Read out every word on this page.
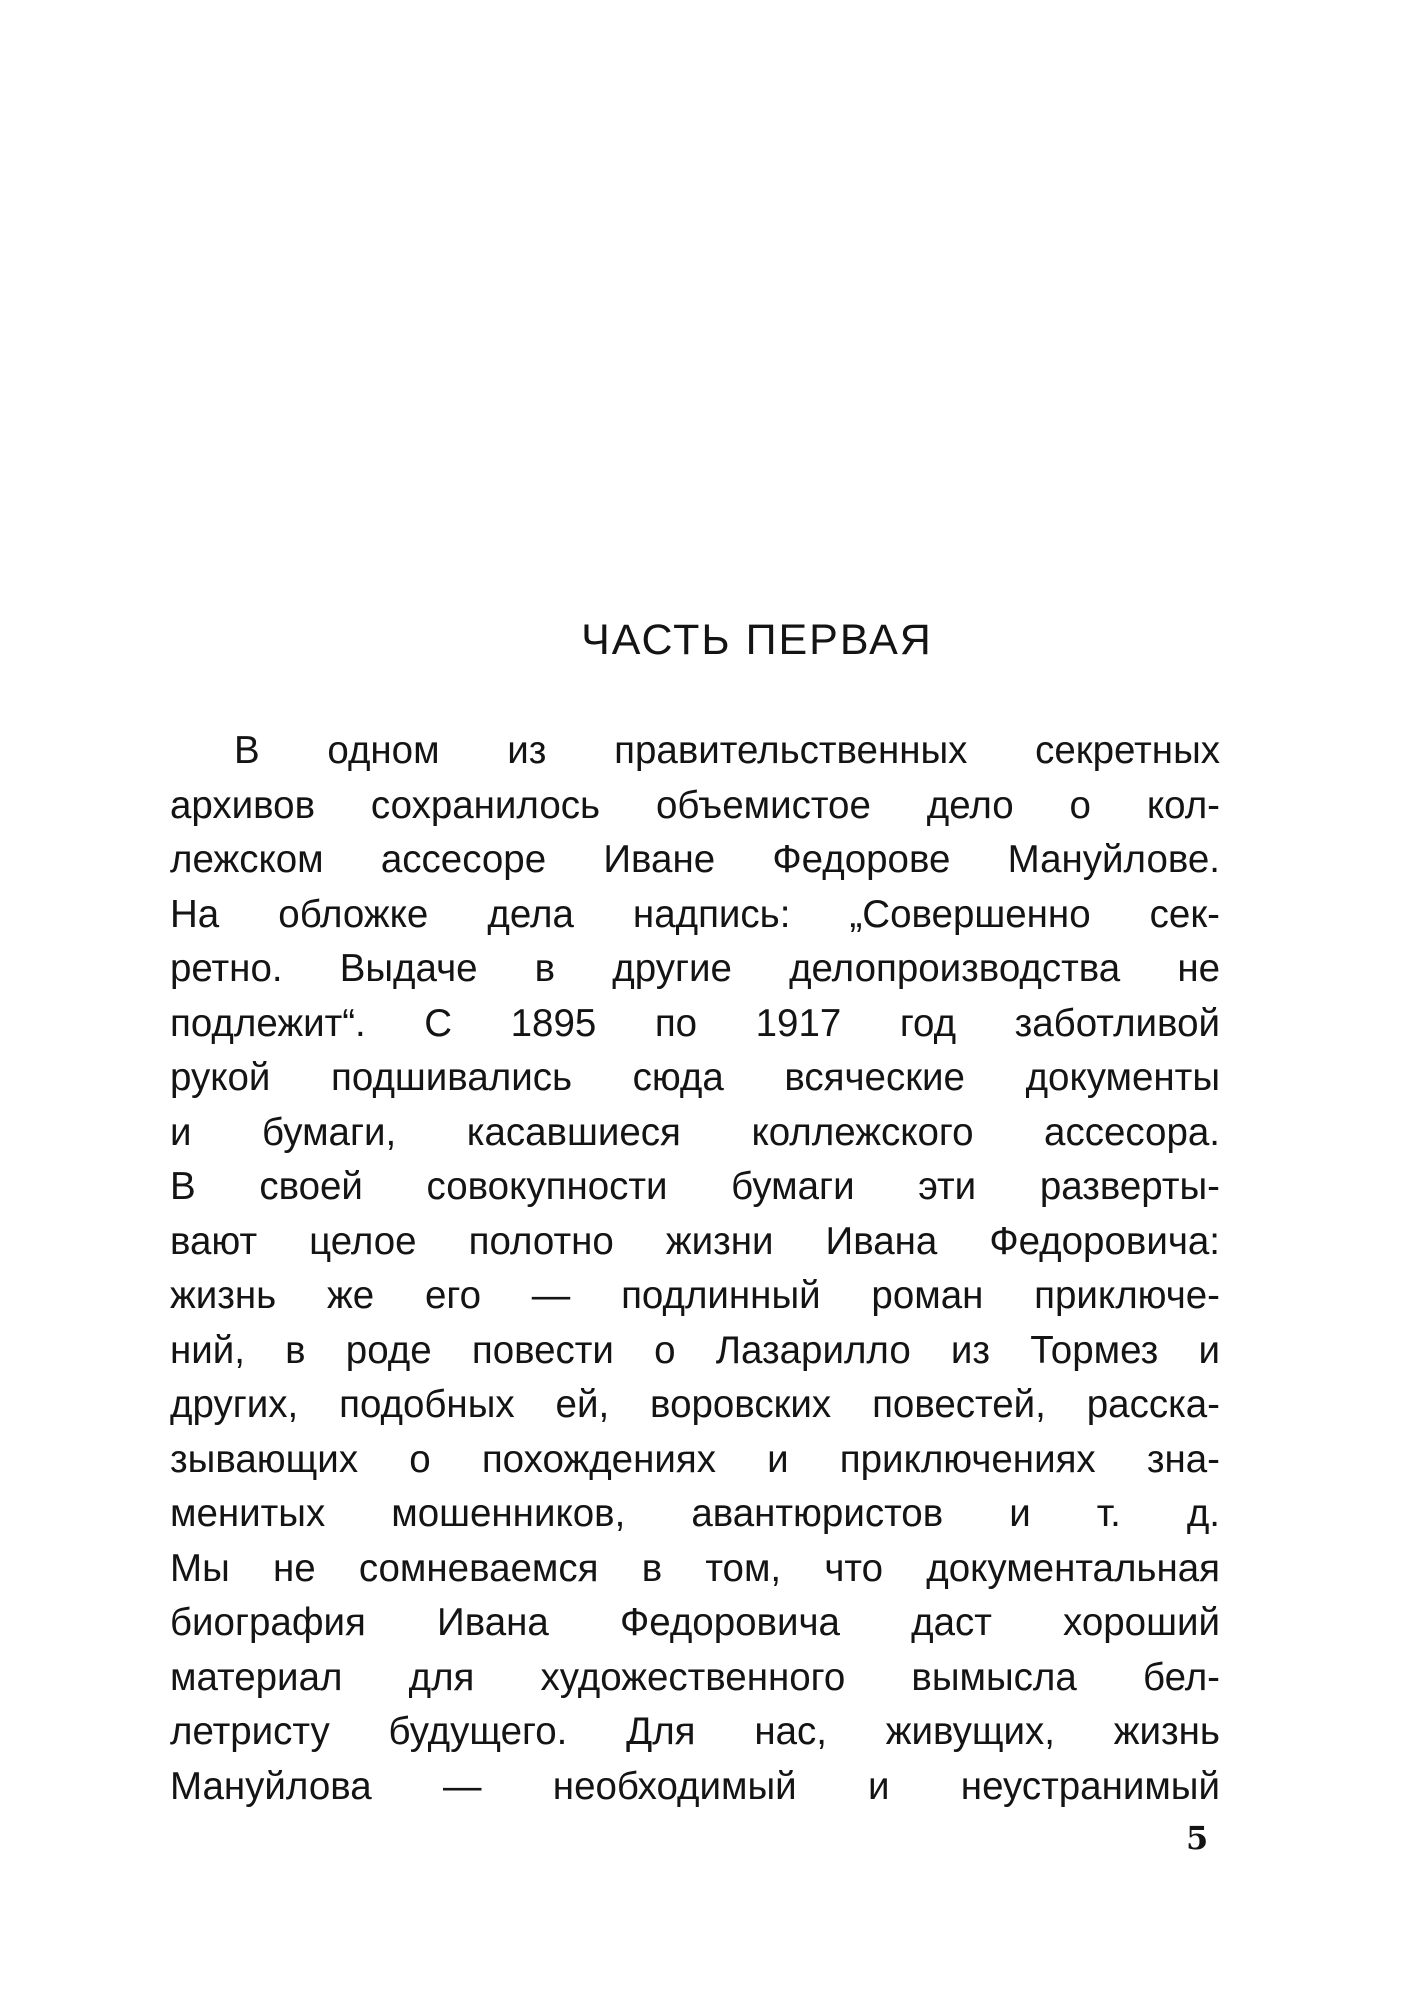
ЧАСТЬ ПЕРВАЯ
В одном из правительственных секретных
архивов сохранилось объемистое дело о кол-
лежском ассесоре Иване Федорове Мануйлове.
На обложке дела надпись: „Совершенно сек-
ретно. Выдаче в другие делопроизводства не
подлежит“. С 1895 по 1917 год заботливой
рукой подшивались сюда всяческие документы
и бумаги, касавшиеся коллежского ассесора.
В своей совокупности бумаги эти разверты-
вают целое полотно жизни Ивана Федоровича:
жизнь же его — подлинный роман приключе-
ний, в роде повести о Лазарилло из Тормез и
других, подобных ей, воровских повестей, расска-
зывающих о похождениях и приключениях зна-
менитых мошенников, авантюристов и т. д.
Мы не сомневаемся в том, что документальная
биография Ивана Федоровича даст хороший
материал для художественного вымысла бел-
летристу будущего. Для нас, живущих, жизнь
Мануйлова — необходимый и неустранимый
5
